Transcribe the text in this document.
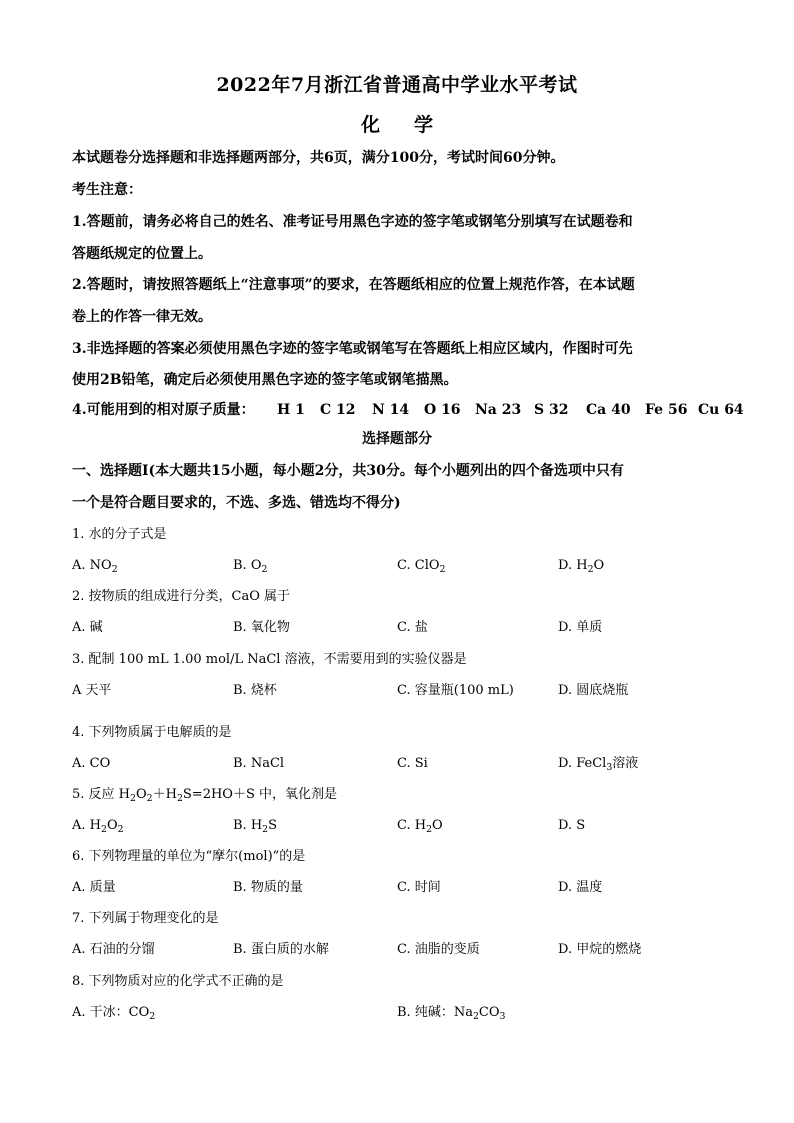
2022年7月浙江省普通高中学业水平考试
化学
本试题卷分选择题和非选择题两部分，共6页，满分100分，考试时间60分钟。
考生注意：
1.答题前，请务必将自己的姓名、准考证号用黑色字迹的签字笔或钢笔分别填写在试题卷和
答题纸规定的位置上。
2.答题时，请按照答题纸上“注意事项”的要求，在答题纸相应的位置上规范作答，在本试题
卷上的作答一律无效。
3.非选择题的答案必须使用黑色字迹的签字笔或钢笔写在答题纸上相应区域内，作图时可先
使用2B铅笔，确定后必须使用黑色字迹的签字笔或钢笔描黑。
4.可能用到的相对原子质量： H 1 C 12 N 14 O 16 Na 23 S 32 Ca 40 Fe 56 Cu 64
选择题部分
一、选择题I(本大题共15小题，每小题2分，共30分。每个小题列出的四个备选项中只有
一个是符合题目要求的，不选、多选、错选均不得分)
1. 水的分子式是
A. $NO_2$	B. $O_2$	C. ClO$_2$	D. $H_2O$
2. 按物质的组成进行分类，CaO 属于
A. 碱	B. 氧化物	C. 盐	D. 单质
3. 配制 100 mL 1.00 mol/L NaCl 溶液，不需要用到的实验仪器是
A 天平	B. 烧杯	C. 容量瓶(100 mL)	D. 圆底烧瓶
4. 下列物质属于电解质的是
A. CO	B. NaCl	C. Si	D. FeCl$_3$溶液
5. 反应 $H_2O_2+H_2S=2HO+S$ 中，氧化剂是
A. $H_2O_2$	B. $H_2S$	C. $H_2O$	D. S
6. 下列物理量的单位为“摩尔(mol)”的是
A. 质量	B. 物质的量	C. 时间	D. 温度
7. 下列属于物理变化的是
A. 石油的分馏	B. 蛋白质的水解	C. 油脂的变质	D. 甲烷的燃烧
8. 下列物质对应的化学式不正确的是
A. 干冰：$CO_2$	B. 纯碱：$Na_2CO_3$
